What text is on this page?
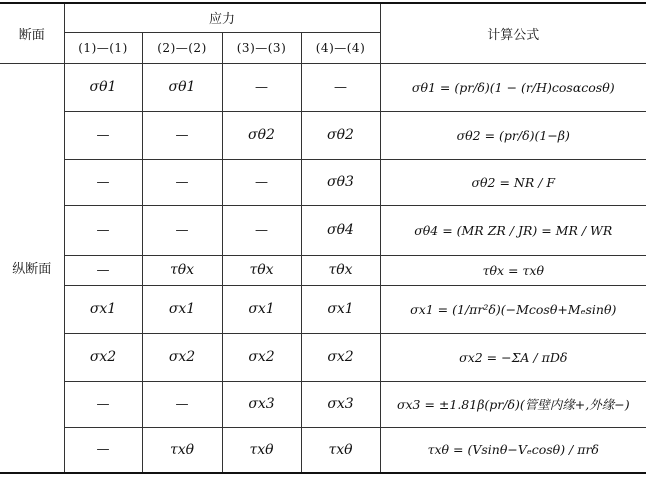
断面	应力				计算公式
	(1)—(1)	(2)—(2)	(3)—(3)	(4)—(4)	
纵断面	σθ1	σθ1	—	—	σθ1 = (pr/δ)(1 − (r/H)cosαcosθ)
	—	—	σθ2	σθ2	σθ2 = (pr/δ)(1−β)
	—	—	—	σθ3	σθ2 = NR / F
	—	—	—	σθ4	σθ4 = (MR ZR / JR) = MR / WR
	—	τθx	τθx	τθx	τθx = τxθ
	σx1	σx1	σx1	σx1	σx1 = (1/πr²δ)(−Mcosθ+Mₑsinθ)
	σx2	σx2	σx2	σx2	σx2 = −ΣA / πDδ
	—	—	σx3	σx3	σx3 = ±1.81β(pr/δ)(管壁内缘+,外缘−)
	—	τxθ	τxθ	τxθ	τxθ = (Vsinθ−Vₑcosθ) / πrδ
